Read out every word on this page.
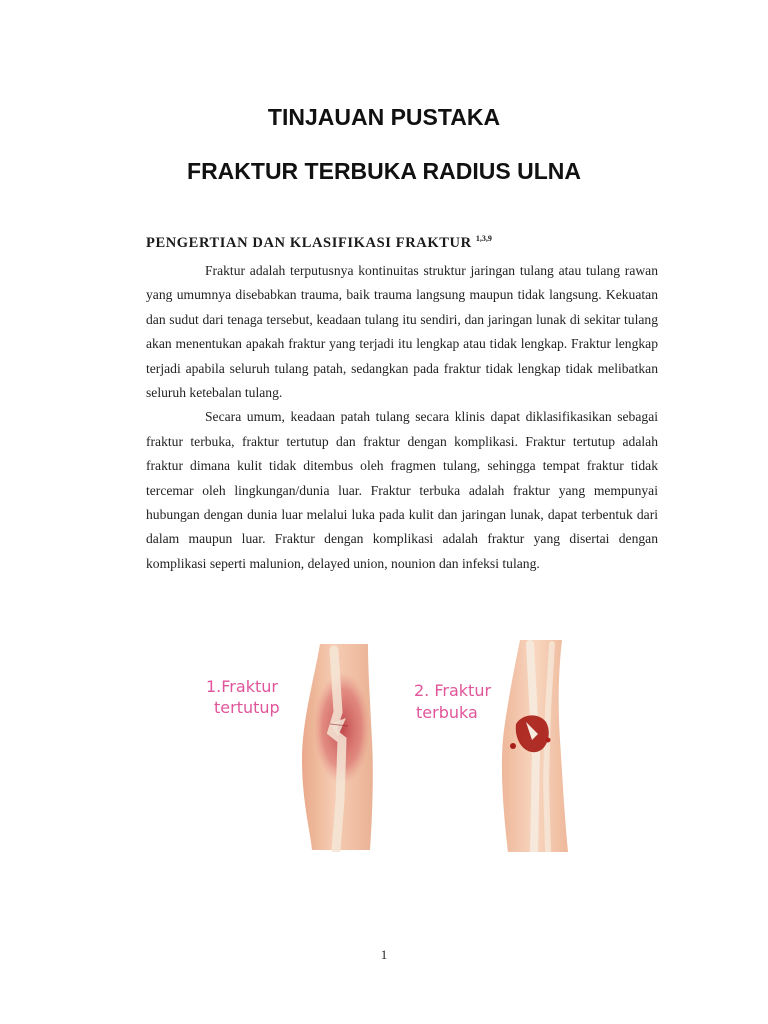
TINJAUAN PUSTAKA
FRAKTUR TERBUKA RADIUS ULNA
PENGERTIAN DAN KLASIFIKASI FRAKTUR $^{1,3,9}$

Fraktur adalah terputusnya kontinuitas struktur jaringan tulang atau tulang rawan yang umumnya disebabkan trauma, baik trauma langsung maupun tidak langsung. Kekuatan dan sudut dari tenaga tersebut, keadaan tulang itu sendiri, dan jaringan lunak di sekitar tulang akan menentukan apakah fraktur yang terjadi itu lengkap atau tidak lengkap. Fraktur lengkap terjadi apabila seluruh tulang patah, sedangkan pada fraktur tidak lengkap tidak melibatkan seluruh ketebalan tulang.

Secara umum, keadaan patah tulang secara klinis dapat diklasifikasikan sebagai fraktur terbuka, fraktur tertutup dan fraktur dengan komplikasi. Fraktur tertutup adalah fraktur dimana kulit tidak ditembus oleh fragmen tulang, sehingga tempat fraktur tidak tercemar oleh lingkungan/dunia luar. Fraktur terbuka adalah fraktur yang mempunyai hubungan dengan dunia luar melalui luka pada kulit dan jaringan lunak, dapat terbentuk dari dalam maupun luar. Fraktur dengan komplikasi adalah fraktur yang disertai dengan komplikasi seperti malunion, delayed union, nounion dan infeksi tulang.

1.Fraktur
tertutup
2. Fraktur
terbuka

1
